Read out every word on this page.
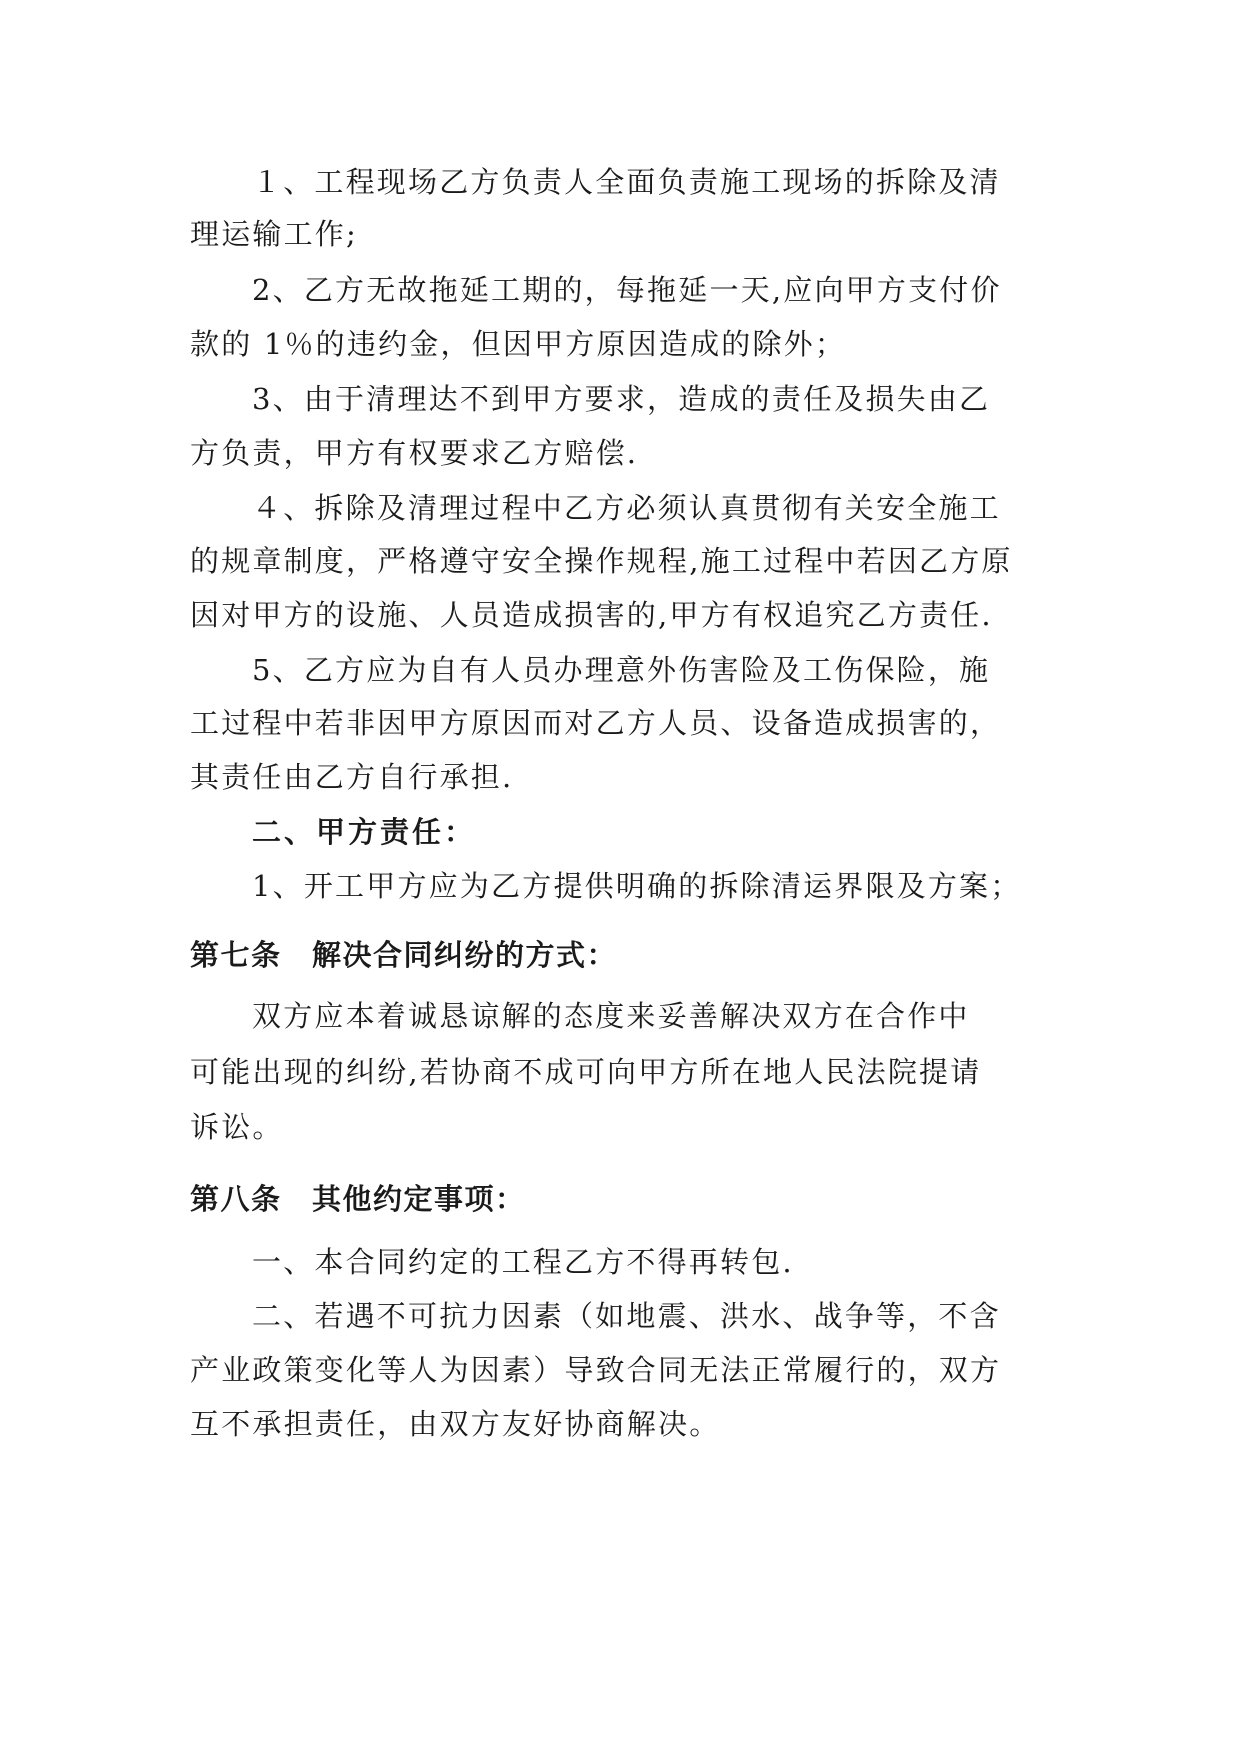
１、工程现场乙方负责人全面负责施工现场的拆除及清
理运输工作;
2、乙方无故拖延工期的，每拖延一天,应向甲方支付价
款的 1％的违约金，但因甲方原因造成的除外；
3、由于清理达不到甲方要求，造成的责任及损失由乙
方负责，甲方有权要求乙方赔偿.
４、拆除及清理过程中乙方必须认真贯彻有关安全施工
的规章制度，严格遵守安全操作规程,施工过程中若因乙方原
因对甲方的设施、人员造成损害的,甲方有权追究乙方责任.
5、乙方应为自有人员办理意外伤害险及工伤保险，施
工过程中若非因甲方原因而对乙方人员、设备造成损害的，
其责任由乙方自行承担.
二、甲方责任：
1、开工甲方应为乙方提供明确的拆除清运界限及方案；
第七条　解决合同纠纷的方式：
双方应本着诚恳谅解的态度来妥善解决双方在合作中
可能出现的纠纷,若协商不成可向甲方所在地人民法院提请
诉讼。
第八条　其他约定事项：
一、本合同约定的工程乙方不得再转包.
二、若遇不可抗力因素（如地震、洪水、战争等，不含
产业政策变化等人为因素）导致合同无法正常履行的，双方
互不承担责任，由双方友好协商解决。
